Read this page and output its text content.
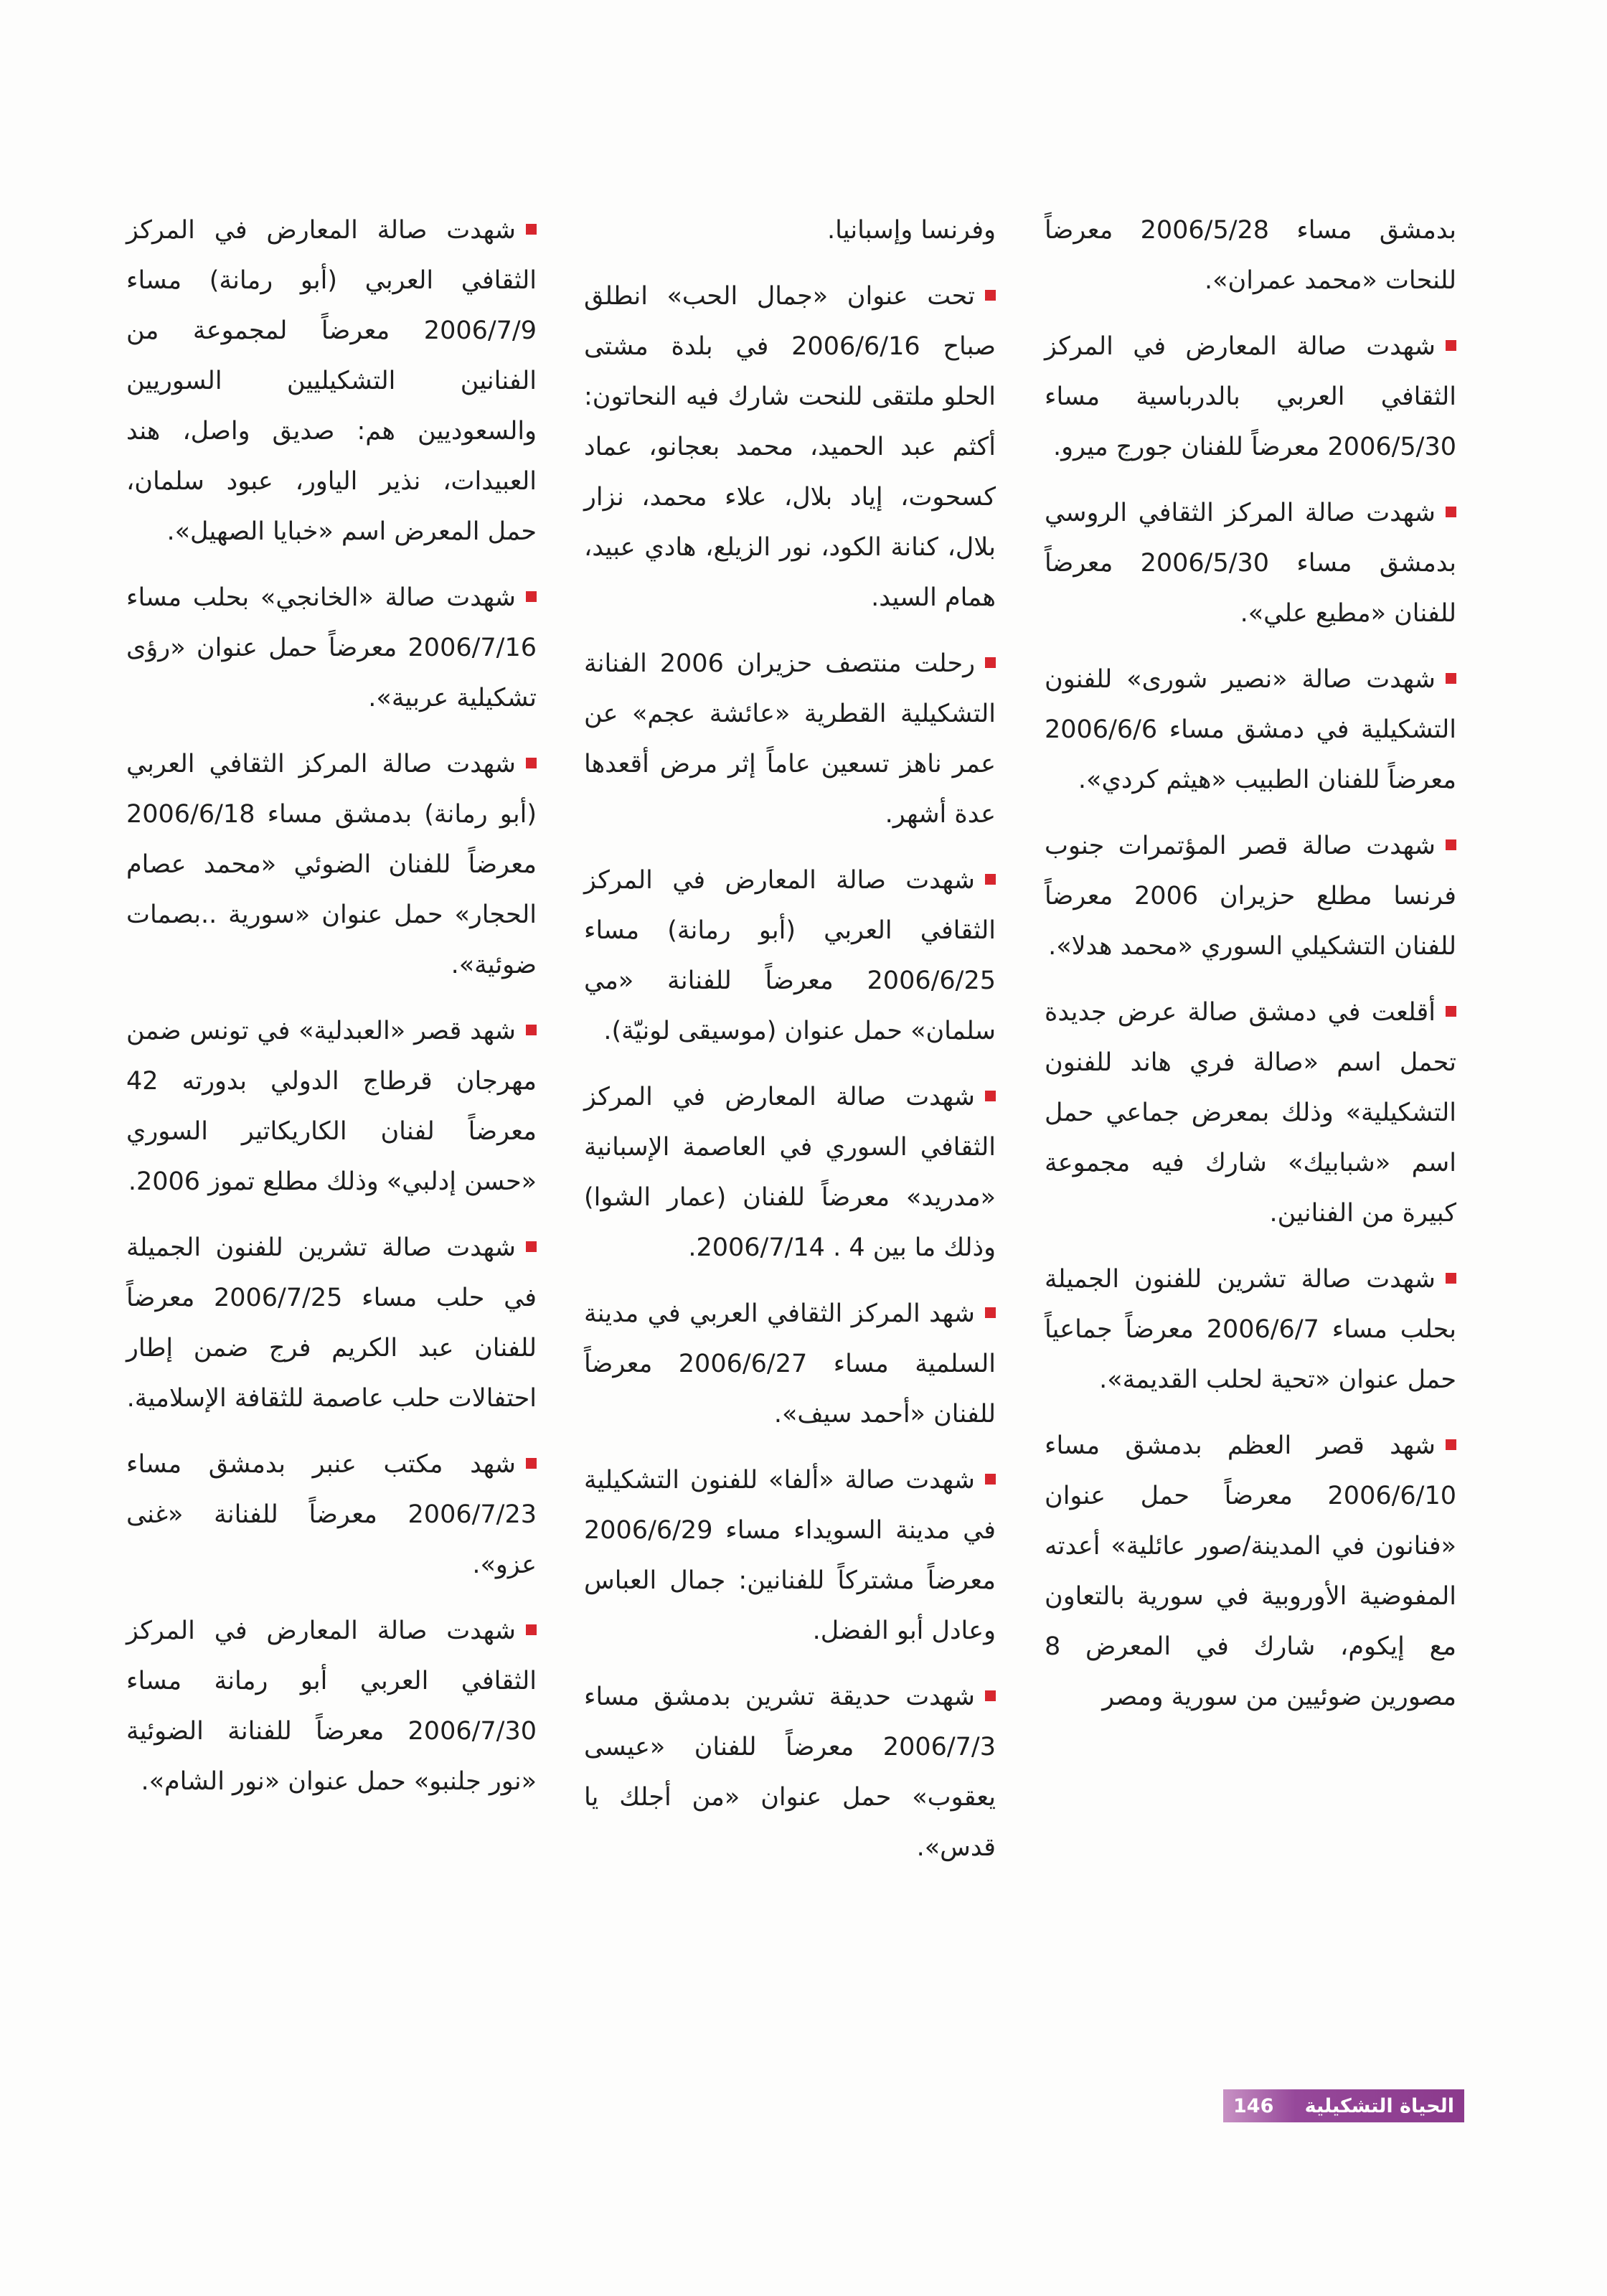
بدمشق مساء 2006/5/28 معرضاً للنحات «محمد عمران».

شهدت صالة المعارض في المركز الثقافي العربي بالدرباسية مساء 2006/5/30 معرضاً للفنان جورج ميرو.

شهدت صالة المركز الثقافي الروسي بدمشق مساء 2006/5/30 معرضاً للفنان «مطيع علي».

شهدت صالة «نصير شورى» للفنون التشكيلية في دمشق مساء 2006/6/6 معرضاً للفنان الطبيب «هيثم كردي».

شهدت صالة قصر المؤتمرات جنوب فرنسا مطلع حزيران 2006 معرضاً للفنان التشكيلي السوري «محمد هدلا».

أقلعت في دمشق صالة عرض جديدة تحمل اسم «صالة فري هاند للفنون التشكيلية» وذلك بمعرض جماعي حمل اسم «شبابيك» شارك فيه مجموعة كبيرة من الفنانين.

شهدت صالة تشرين للفنون الجميلة بحلب مساء 2006/6/7 معرضاً جماعياً حمل عنوان «تحية لحلب القديمة».

شهد قصر العظم بدمشق مساء 2006/6/10 معرضاً حمل عنوان «فنانون في المدينة/صور عائلية» أعدته المفوضية الأوروبية في سورية بالتعاون مع إيكوم، شارك في المعرض 8 مصورين ضوئيين من سورية ومصر

وفرنسا وإسبانيا.

تحت عنوان «جمال الحب» انطلق صباح 2006/6/16 في بلدة مشتى الحلو ملتقى للنحت شارك فيه النحاتون: أكثم عبد الحميد، محمد بعجانو، عماد كسحوت، إياد بلال، علاء محمد، نزار بلال، كنانة الكود، نور الزيلع، هادي عبيد، همام السيد.

رحلت منتصف حزيران 2006 الفنانة التشكيلية القطرية «عائشة عجم» عن عمر ناهز تسعين عاماً إثر مرض أقعدها عدة أشهر.

شهدت صالة المعارض في المركز الثقافي العربي (أبو رمانة) مساء 2006/6/25 معرضاً للفنانة «مي سلمان» حمل عنوان (موسيقى لونيّة).

شهدت صالة المعارض في المركز الثقافي السوري في العاصمة الإسبانية «مدريد» معرضاً للفنان (عمار الشوا) وذلك ما بين 4 . 2006/7/14.

شهد المركز الثقافي العربي في مدينة السلمية مساء 2006/6/27 معرضاً للفنان «أحمد سيف».

شهدت صالة «ألفا» للفنون التشكيلية في مدينة السويداء مساء 2006/6/29 معرضاً مشتركاً للفنانين: جمال العباس وعادل أبو الفضل.

شهدت حديقة تشرين بدمشق مساء 2006/7/3 معرضاً للفنان «عيسى يعقوب» حمل عنوان «من أجلك يا قدس».

شهدت صالة المعارض في المركز الثقافي العربي (أبو رمانة) مساء 2006/7/9 معرضاً لمجموعة من الفنانين التشكيليين السوريين والسعوديين هم: صديق واصل، هند العبيدات، نذير الياور، عبود سلمان، حمل المعرض اسم «خبايا الصهيل».

شهدت صالة «الخانجي» بحلب مساء 2006/7/16 معرضاً حمل عنوان «رؤى تشكيلية عربية».

شهدت صالة المركز الثقافي العربي (أبو رمانة) بدمشق مساء 2006/6/18 معرضاً للفنان الضوئي «محمد عصام الحجار» حمل عنوان «سورية ..بصمات ضوئية».

شهد قصر «العبدلية» في تونس ضمن مهرجان قرطاج الدولي بدورته 42 معرضاً لفنان الكاريكاتير السوري «حسن إدلبي» وذلك مطلع تموز 2006.

شهدت صالة تشرين للفنون الجميلة في حلب مساء 2006/7/25 معرضاً للفنان عبد الكريم فرج ضمن إطار احتفالات حلب عاصمة للثقافة الإسلامية.

شهد مكتب عنبر بدمشق مساء 2006/7/23 معرضاً للفنانة «غنى عزو».

شهدت صالة المعارض في المركز الثقافي العربي أبو رمانة مساء 2006/7/30 معرضاً للفنانة الضوئية «نور جلنبو» حمل عنوان «نور الشام».

الحياة التشكيلية
146
